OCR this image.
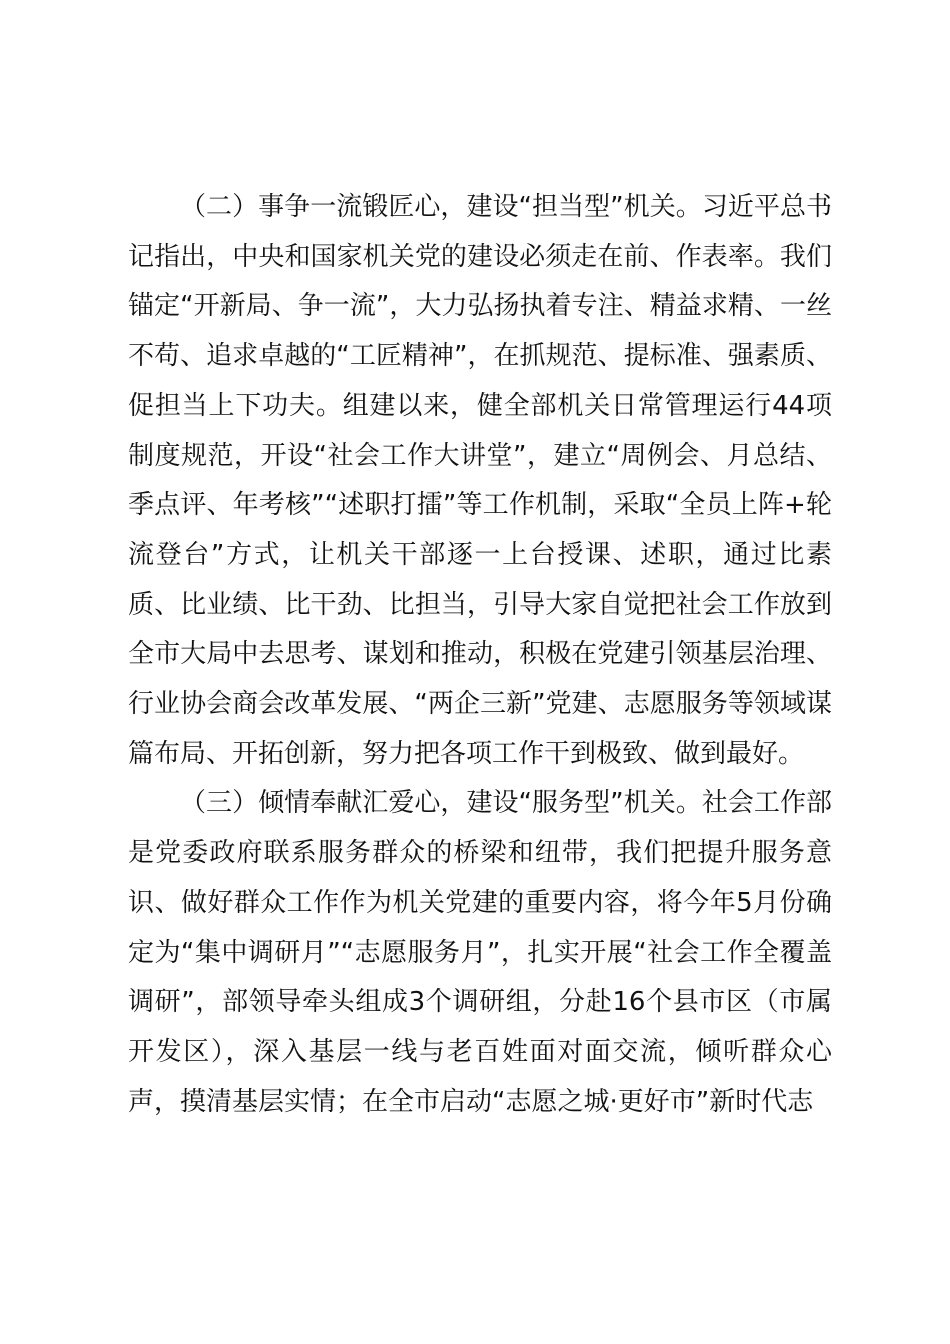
（二）事争一流锻匠心，建设“担当型”机关。习近平总书记指出，中央和国家机关党的建设必须走在前、作表率。我们锚定“开新局、争一流”，大力弘扬执着专注、精益求精、一丝不苟、追求卓越的“工匠精神”，在抓规范、提标准、强素质、促担当上下功夫。组建以来，健全部机关日常管理运行44项制度规范，开设“社会工作大讲堂”，建立“周例会、月总结、季点评、年考核”“述职打擂”等工作机制，采取“全员上阵+轮流登台”方式，让机关干部逐一上台授课、述职，通过比素质、比业绩、比干劲、比担当，引导大家自觉把社会工作放到全市大局中去思考、谋划和推动，积极在党建引领基层治理、行业协会商会改革发展、“两企三新”党建、志愿服务等领域谋篇布局、开拓创新，努力把各项工作干到极致、做到最好。

（三）倾情奉献汇爱心，建设“服务型”机关。社会工作部是党委政府联系服务群众的桥梁和纽带，我们把提升服务意识、做好群众工作作为机关党建的重要内容，将今年5月份确定为“集中调研月”“志愿服务月”，扎实开展“社会工作全覆盖调研”，部领导牵头组成3个调研组，分赴16个县市区（市属开发区），深入基层一线与老百姓面对面交流，倾听群众心声，摸清基层实情；在全市启动“志愿之城·更好市”新时代志
